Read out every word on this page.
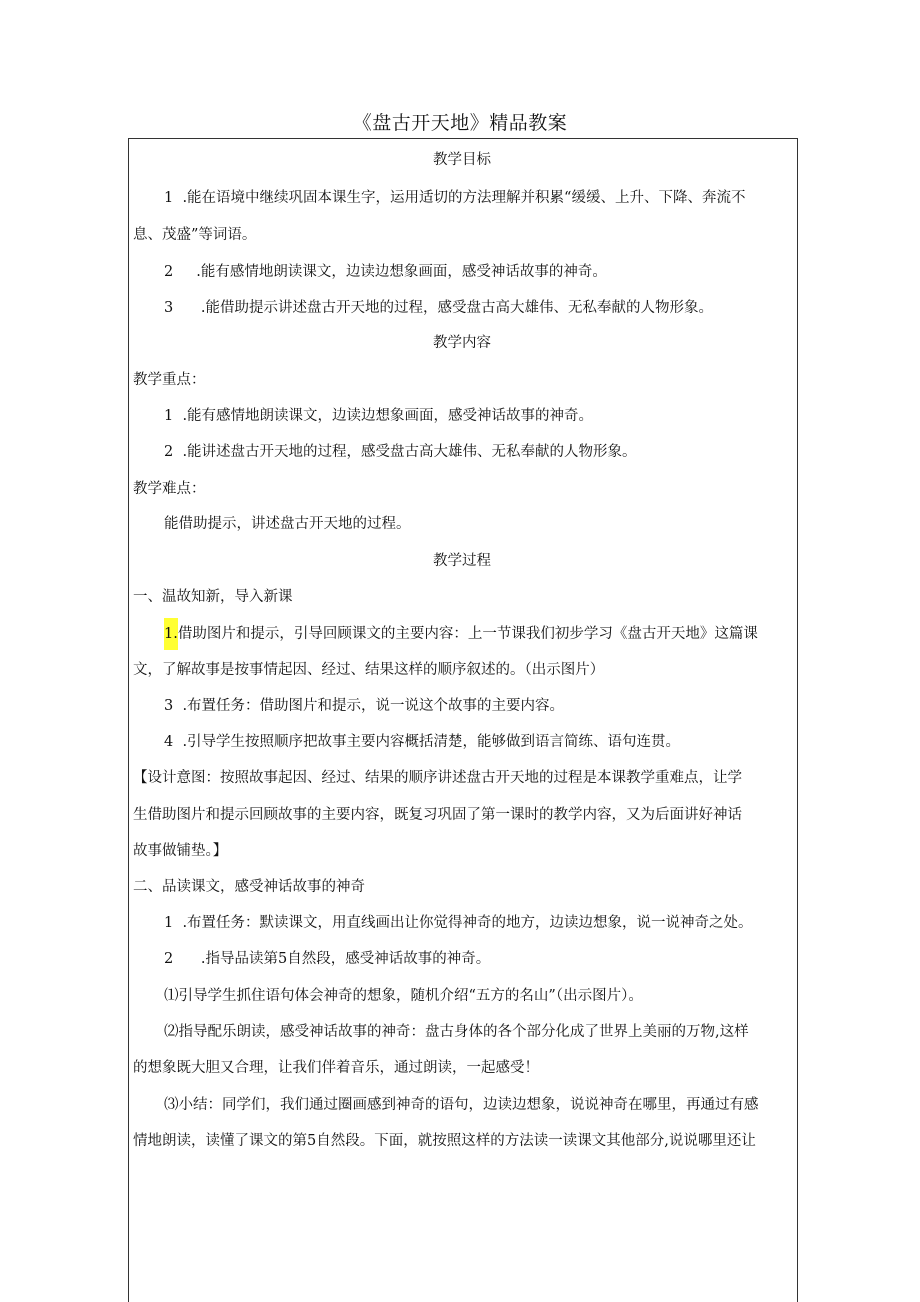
《盘古开天地》精品教案
教学目标
1  .能在语境中继续巩固本课生字，运用适切的方法理解并积累“缓缓、上升、下降、奔流不
息、茂盛”等词语。
2     .能有感情地朗读课文，边读边想象画面，感受神话故事的神奇。
3      .能借助提示讲述盘古开天地的过程，感受盘古高大雄伟、无私奉献的人物形象。
教学内容
教学重点：
1  .能有感情地朗读课文，边读边想象画面，感受神话故事的神奇。
2  .能讲述盘古开天地的过程，感受盘古高大雄伟、无私奉献的人物形象。
教学难点：
能借助提示，讲述盘古开天地的过程。
教学过程
一、温故知新，导入新课
1.借助图片和提示，引导回顾课文的主要内容：上一节课我们初步学习《盘古开天地》这篇课
文，了解故事是按事情起因、经过、结果这样的顺序叙述的。（出示图片）
3  .布置任务：借助图片和提示，说一说这个故事的主要内容。
4  .引导学生按照顺序把故事主要内容概括清楚，能够做到语言简练、语句连贯。
【设计意图：按照故事起因、经过、结果的顺序讲述盘古开天地的过程是本课教学重难点，让学
生借助图片和提示回顾故事的主要内容，既复习巩固了第一课时的教学内容，又为后面讲好神话
故事做铺垫。】
二、品读课文，感受神话故事的神奇
1  .布置任务：默读课文，用直线画出让你觉得神奇的地方，边读边想象，说一说神奇之处。
2      .指导品读第5自然段，感受神话故事的神奇。
⑴引导学生抓住语句体会神奇的想象，随机介绍“五方的名山”（出示图片）。
⑵指导配乐朗读，感受神话故事的神奇：盘古身体的各个部分化成了世界上美丽的万物,这样
的想象既大胆又合理，让我们伴着音乐，通过朗读，一起感受！
⑶小结：同学们，我们通过圈画感到神奇的语句，边读边想象，说说神奇在哪里，再通过有感
情地朗读，读懂了课文的第5自然段。下面，就按照这样的方法读一读课文其他部分,说说哪里还让
